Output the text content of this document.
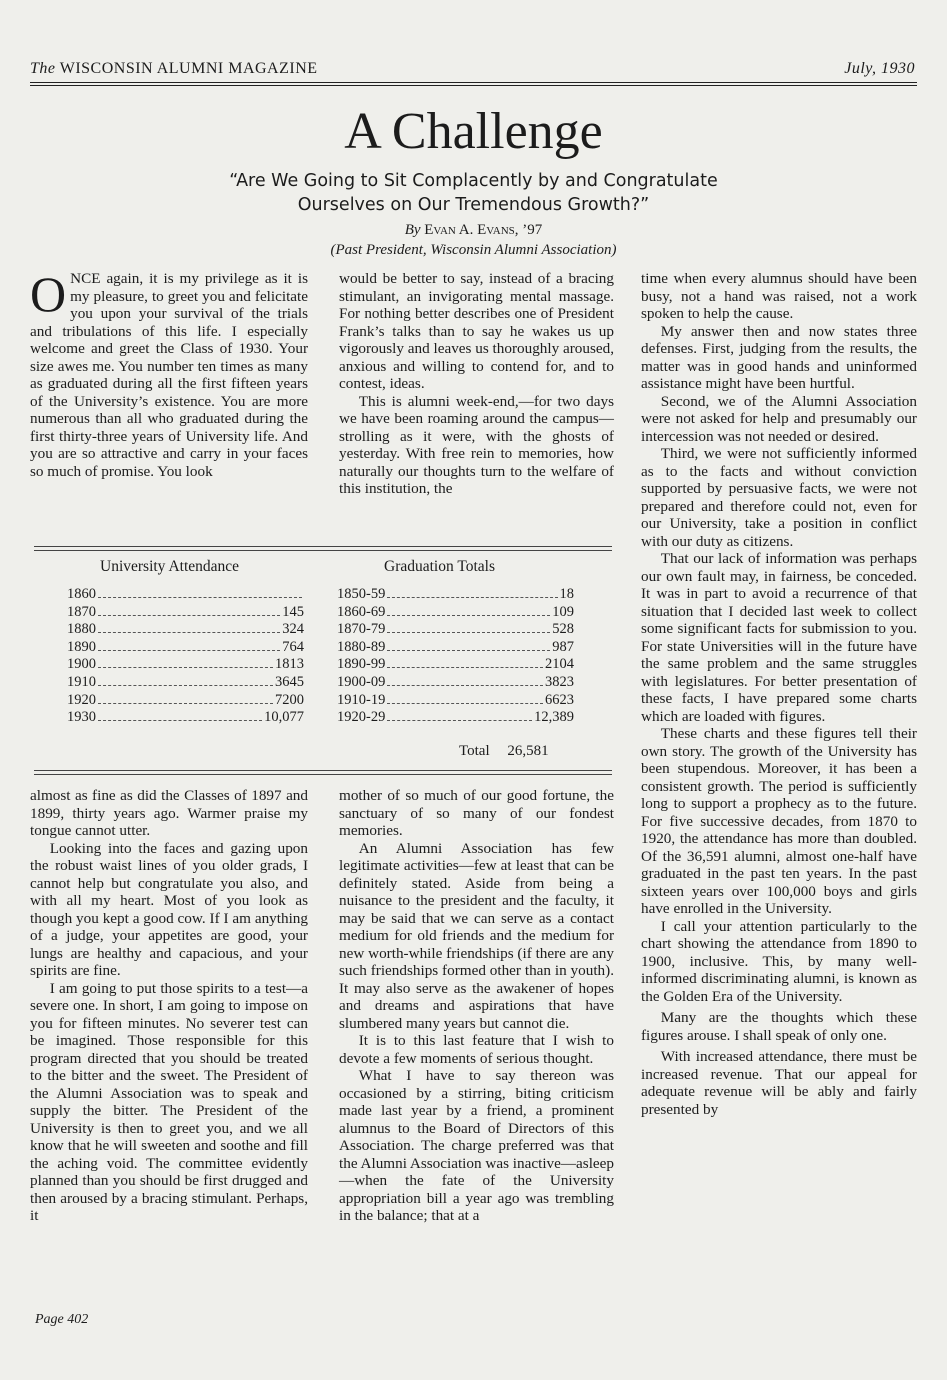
The WISCONSIN ALUMNI MAGAZINE	July, 1930
A Challenge
“Are We Going to Sit Complacently by and Congratulate
Ourselves on Our Tremendous Growth?”
By Evan A. Evans, ’97
(Past President, Wisconsin Alumni Association)

ONCE again, it is my privilege as it is my pleasure, to greet you and felicitate you upon your survival of the trials and tribulations of this life. I especially welcome and greet the Class of 1930. Your size awes me. You number ten times as many as graduated during all the first fifteen years of the University’s existence. You are more numerous than all who graduated during the first thirty-three years of University life. And you are so attractive and carry in your faces so much of promise. You look

would be better to say, instead of a bracing stimulant, an invigorating mental massage. For nothing better describes one of President Frank’s talks than to say he wakes us up vigorously and leaves us thoroughly aroused, anxious and willing to contend for, and to contest, ideas.

This is alumni week-end,—for two days we have been roaming around the campus—strolling as it were, with the ghosts of yesterday. With free rein to memories, how naturally our thoughts turn to the welfare of this institution, the

time when every alumnus should have been busy, not a hand was raised, not a work spoken to help the cause.

My answer then and now states three defenses. First, judging from the results, the matter was in good hands and uninformed assistance might have been hurtful.

Second, we of the Alumni Association were not asked for help and presumably our intercession was not needed or desired.

Third, we were not sufficiently informed as to the facts and without conviction supported by persuasive facts, we were not prepared and therefore could not, even for our University, take a position in conflict with our duty as citizens.

That our lack of information was perhaps our own fault may, in fairness, be conceded. It was in part to avoid a recurrence of that situation that I decided last week to collect some significant facts for submission to you. For state Universities will in the future have the same problem and the same struggles with legislatures. For better presentation of these facts, I have prepared some charts which are loaded with figures.

These charts and these figures tell their own story. The growth of the University has been stupendous. Moreover, it has been a consistent growth. The period is sufficiently long to support a prophecy as to the future. For five successive decades, from 1870 to 1920, the attendance has more than doubled. Of the 36,591 alumni, almost one-half have graduated in the past ten years. In the past sixteen years over 100,000 boys and girls have enrolled in the University.

I call your attention particularly to the chart showing the attendance from 1890 to 1900, inclusive. This, by many well-informed discriminating alumni, is known as the Golden Era of the University.

Many are the thoughts which these figures arouse. I shall speak of only one.

With increased attendance, there must be increased revenue. That our appeal for adequate revenue will be ably and fairly presented by

University Attendance	Graduation Totals
1860
1870	145
1880	324
1890	764
1900	1813
1910	3645
1920	7200
1930	10,077
1850-59	18
1860-69	109
1870-79	528
1880-89	987
1890-99	2104
1900-09	3823
1910-19	6623
1920-29	12,389
Total 26,581

almost as fine as did the Classes of 1897 and 1899, thirty years ago. Warmer praise my tongue cannot utter.

Looking into the faces and gazing upon the robust waist lines of you older grads, I cannot help but congratulate you also, and with all my heart. Most of you look as though you kept a good cow. If I am anything of a judge, your appetites are good, your lungs are healthy and capacious, and your spirits are fine.

I am going to put those spirits to a test—a severe one. In short, I am going to impose on you for fifteen minutes. No severer test can be imagined. Those responsible for this program directed that you should be treated to the bitter and the sweet. The President of the Alumni Association was to speak and supply the bitter. The President of the University is then to greet you, and we all know that he will sweeten and soothe and fill the aching void. The committee evidently planned than you should be first drugged and then aroused by a bracing stimulant. Perhaps, it

mother of so much of our good fortune, the sanctuary of so many of our fondest memories.

An Alumni Association has few legitimate activities—few at least that can be definitely stated. Aside from being a nuisance to the president and the faculty, it may be said that we can serve as a contact medium for old friends and the medium for new worth-while friendships (if there are any such friendships formed other than in youth). It may also serve as the awakener of hopes and dreams and aspirations that have slumbered many years but cannot die.

It is to this last feature that I wish to devote a few moments of serious thought.

What I have to say thereon was occasioned by a stirring, biting criticism made last year by a friend, a prominent alumnus to the Board of Directors of this Association. The charge preferred was that the Alumni Association was inactive—asleep—when the fate of the University appropriation bill a year ago was trembling in the balance; that at a

Page 402
